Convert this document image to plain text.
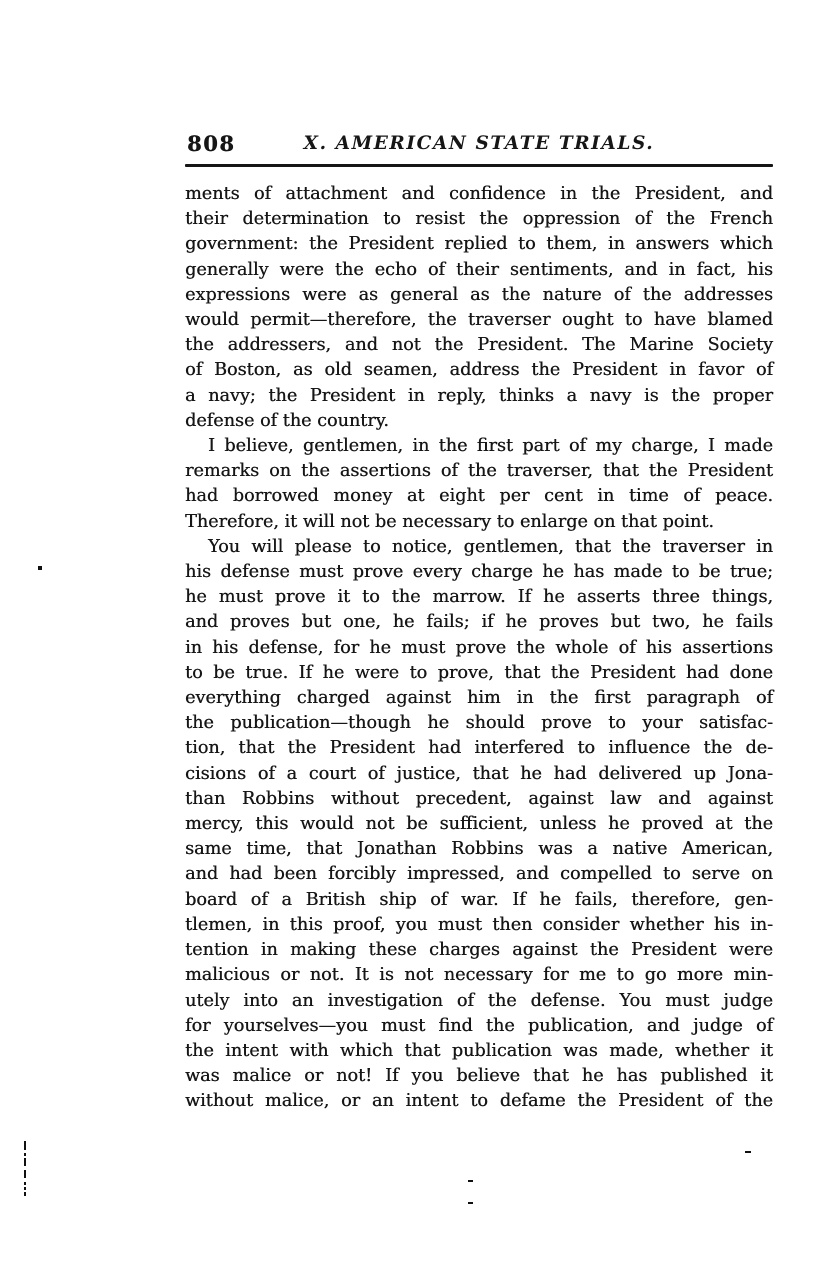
808	X. AMERICAN STATE TRIALS.
ments of attachment and confidence in the President, and
their determination to resist the oppression of the French
government: the President replied to them, in answers which
generally were the echo of their sentiments, and in fact, his
expressions were as general as the nature of the addresses
would permit—therefore, the traverser ought to have blamed
the addressers, and not the President. The Marine Society
of Boston, as old seamen, address the President in favor of
a navy; the President in reply, thinks a navy is the proper
defense of the country.
I believe, gentlemen, in the first part of my charge, I made
remarks on the assertions of the traverser, that the President
had borrowed money at eight per cent in time of peace.
Therefore, it will not be necessary to enlarge on that point.
You will please to notice, gentlemen, that the traverser in
his defense must prove every charge he has made to be true;
he must prove it to the marrow. If he asserts three things,
and proves but one, he fails; if he proves but two, he fails
in his defense, for he must prove the whole of his assertions
to be true. If he were to prove, that the President had done
everything charged against him in the first paragraph of
the publication—though he should prove to your satisfac-
tion, that the President had interfered to influence the de-
cisions of a court of justice, that he had delivered up Jona-
than Robbins without precedent, against law and against
mercy, this would not be sufficient, unless he proved at the
same time, that Jonathan Robbins was a native American,
and had been forcibly impressed, and compelled to serve on
board of a British ship of war. If he fails, therefore, gen-
tlemen, in this proof, you must then consider whether his in-
tention in making these charges against the President were
malicious or not. It is not necessary for me to go more min-
utely into an investigation of the defense. You must judge
for yourselves—you must find the publication, and judge of
the intent with which that publication was made, whether it
was malice or not! If you believe that he has published it
without malice, or an intent to defame the President of the
